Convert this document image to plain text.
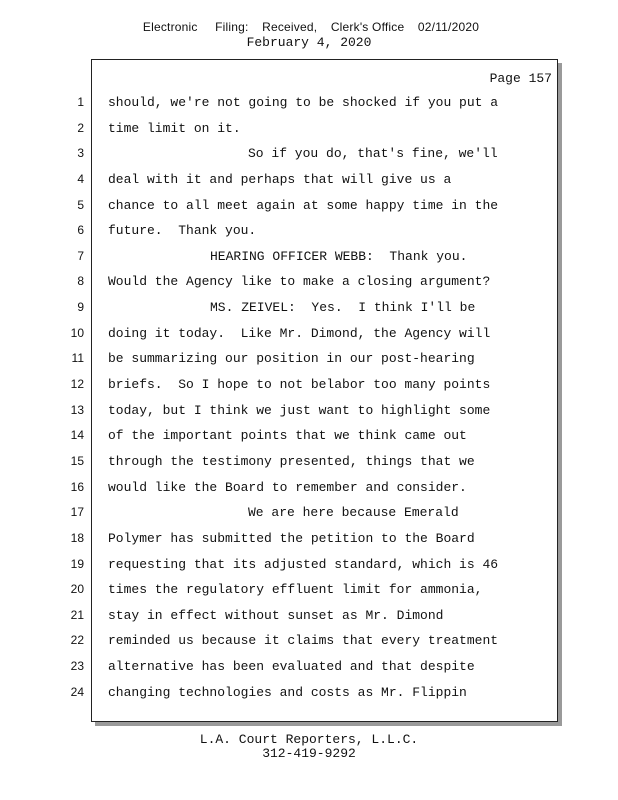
Electronic Filing: Received, Clerk's Office 02/11/2020
February 4, 2020
Page 157
1 should, we're not going to be shocked if you put a
2 time limit on it.
3	So if you do, that's fine, we'll
4 deal with it and perhaps that will give us a
5 chance to all meet again at some happy time in the
6 future.  Thank you.
7	HEARING OFFICER WEBB:  Thank you.
8 Would the Agency like to make a closing argument?
9	MS. ZEIVEL:  Yes.  I think I'll be
10 doing it today.  Like Mr. Dimond, the Agency will
11 be summarizing our position in our post-hearing
12 briefs.  So I hope to not belabor too many points
13 today, but I think we just want to highlight some
14 of the important points that we think came out
15 through the testimony presented, things that we
16 would like the Board to remember and consider.
17	We are here because Emerald
18 Polymer has submitted the petition to the Board
19 requesting that its adjusted standard, which is 46
20 times the regulatory effluent limit for ammonia,
21 stay in effect without sunset as Mr. Dimond
22 reminded us because it claims that every treatment
23 alternative has been evaluated and that despite
24 changing technologies and costs as Mr. Flippin
L.A. Court Reporters, L.L.C.
312-419-9292
